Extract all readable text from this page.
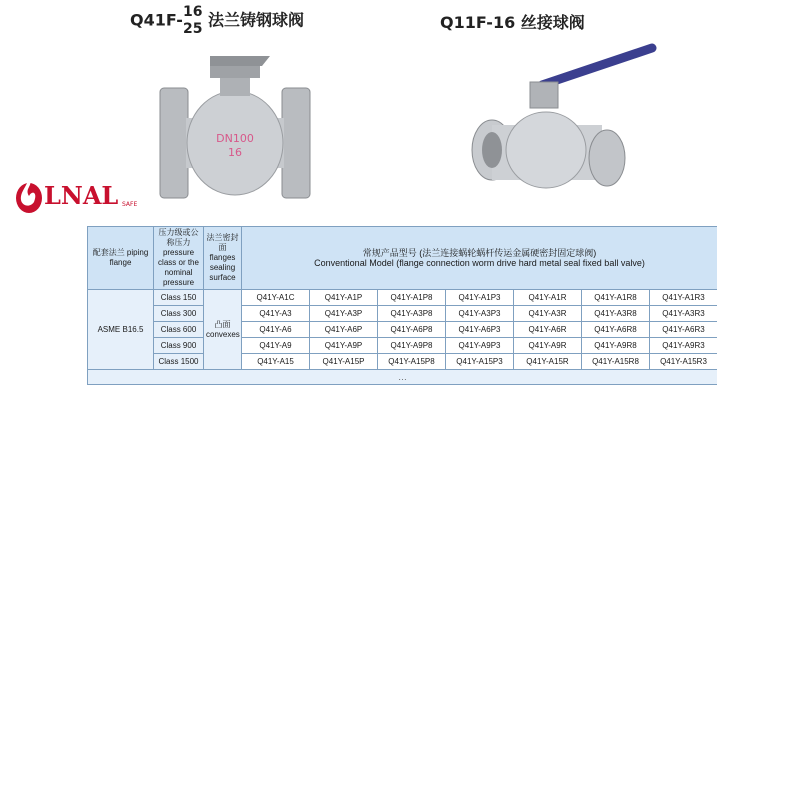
Q41F- 16
25 法兰铸钢球阀	Q11F-16 丝接球阀
DN100
16
LNAL SAFE
配套法兰 piping flange	压力级或公称压力 pressure class or the nominal pressure	法兰密封面 flanges sealing surface	常规产品型号 (法兰连接蜗轮蜗杆传运金属硬密封固定球阀)
Conventional Model (flange connection worm drive hard metal seal fixed ball valve)						

ASME B16.5	Class 150	凸面 convexes	Q41Y-A1C	Q41Y-A1P	Q41Y-A1P8	Q41Y-A1P3	Q41Y-A1R	Q41Y-A1R8	Q41Y-A1R3
	Class 300		Q41Y-A3	Q41Y-A3P	Q41Y-A3P8	Q41Y-A3P3	Q41Y-A3R	Q41Y-A3R8	Q41Y-A3R3
	Class 600		Q41Y-A6	Q41Y-A6P	Q41Y-A6P8	Q41Y-A6P3	Q41Y-A6R	Q41Y-A6R8	Q41Y-A6R3
	Class 900		Q41Y-A9	Q41Y-A9P	Q41Y-A9P8	Q41Y-A9P3	Q41Y-A9R	Q41Y-A9R8	Q41Y-A9R3
	Class 1500		Q41Y-A15	Q41Y-A15P	Q41Y-A15P8	Q41Y-A15P3	Q41Y-A15R	Q41Y-A15R8	Q41Y-A15R3
…									
